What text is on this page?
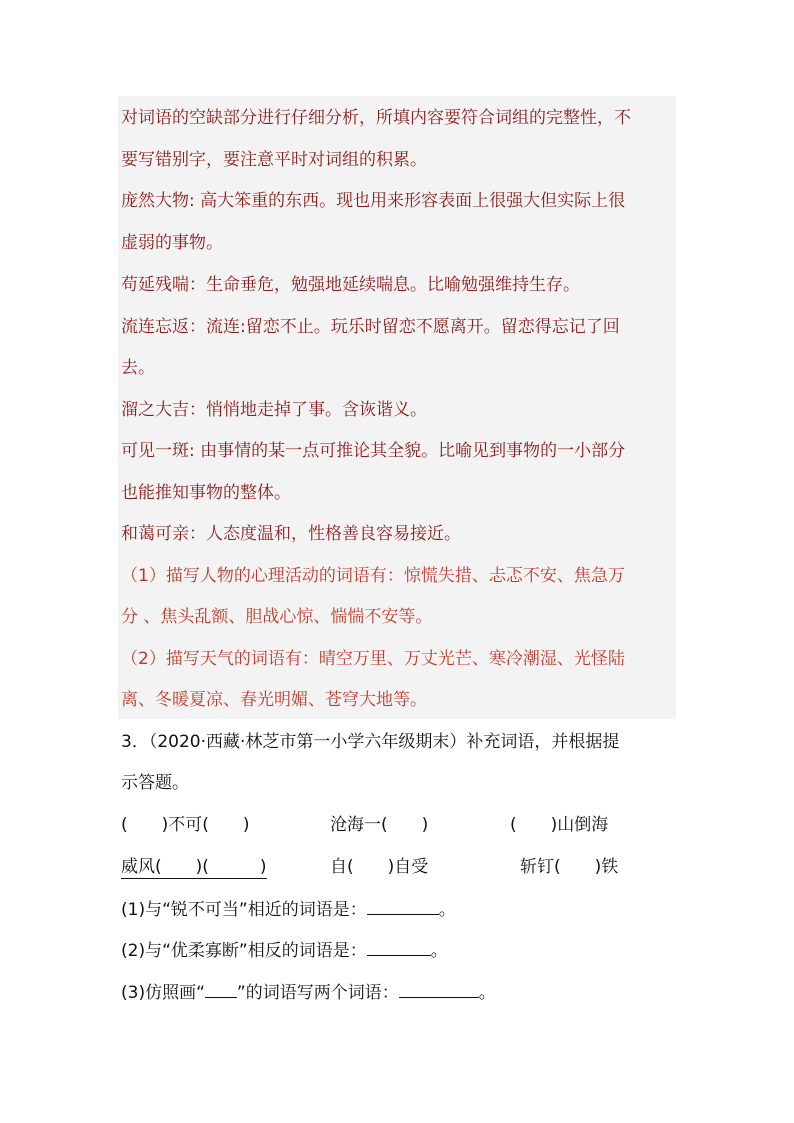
对词语的空缺部分进行仔细分析，所填内容要符合词组的完整性，不
要写错别字，要注意平时对词组的积累。
庞然大物: 高大笨重的东西。现也用来形容表面上很强大但实际上很
虚弱的事物。
苟延残喘：生命垂危，勉强地延续喘息。比喻勉强维持生存。
流连忘返：流连:留恋不止。玩乐时留恋不愿离开。留恋得忘记了回
去。
溜之大吉：悄悄地走掉了事。含诙谐义。
可见一斑: 由事情的某一点可推论其全貌。比喻见到事物的一小部分
也能推知事物的整体。
和蔼可亲：人态度温和，性格善良容易接近。
（1）描写人物的心理活动的词语有：惊慌失措、忐忑不安、焦急万
分 、焦头乱额、胆战心惊、惴惴不安等。
（2）描写天气的词语有：晴空万里、万丈光芒、寒冷潮湿、光怪陆
离、冬暖夏凉、春光明媚、苍穹大地等。
3．（2020·西藏·林芝市第一小学六年级期末）补充词语，并根据提
示答题。
(　　)不可(　　)	沧海一(　　)	(　　)山倒海
威风(　　)(　　　)	自(　　)自受	斩钉(　　)铁
(1)与“锐不可当”相近的词语是：	。
(2)与“优柔寡断”相反的词语是：	。
(3)仿照画“ ”的词语写两个词语：	。
